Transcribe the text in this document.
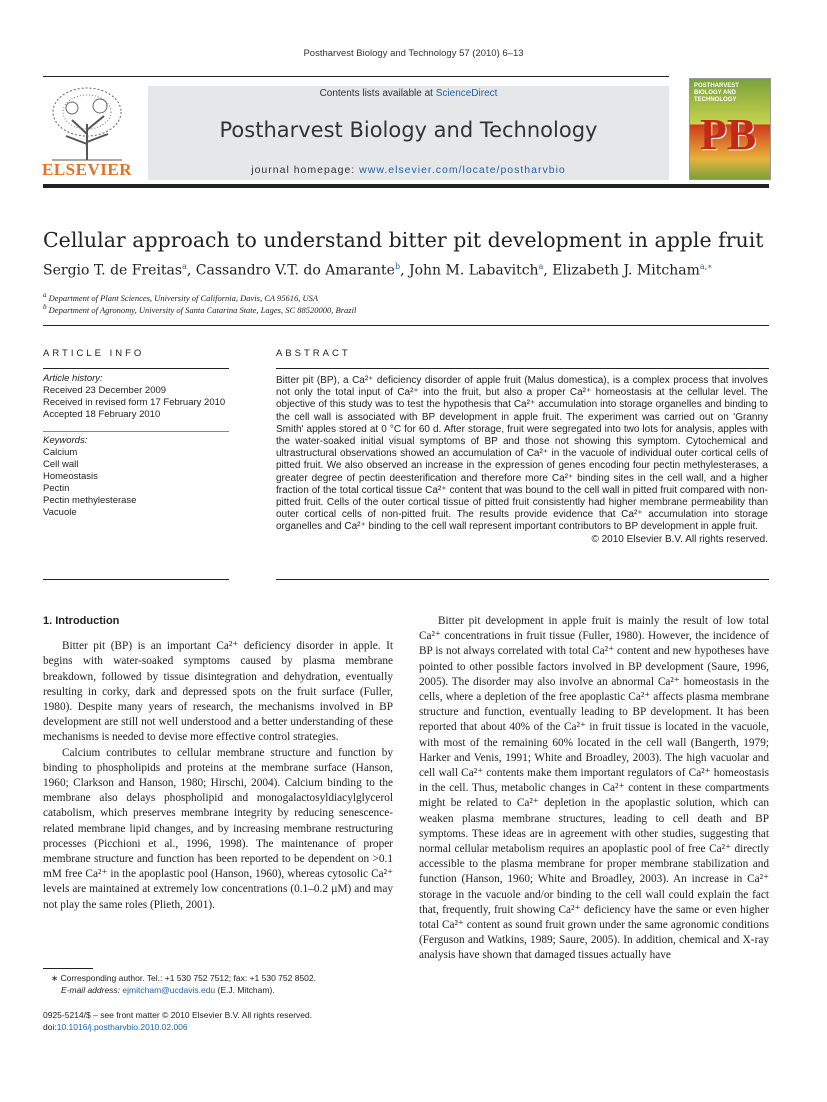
Postharvest Biology and Technology 57 (2010) 6–13
ELSEVIER
Contents lists available at ScienceDirect
Postharvest Biology and Technology
journal homepage: www.elsevier.com/locate/postharvbio
POSTHARVEST BIOLOGY AND TECHNOLOGY
PB
Cellular approach to understand bitter pit development in apple fruit
Sergio T. de Freitas$^a$, Cassandro V.T. do Amarante$^b$, John M. Labavitch$^a$, Elizabeth J. Mitcham$^{a,∗}$
$^a$ Department of Plant Sciences, University of California, Davis, CA 95616, USA
$^b$ Department of Agronomy, University of Santa Catarina State, Lages, SC 88520000, Brazil
ARTICLE INFO
Article history:
Received 23 December 2009
Received in revised form 17 February 2010
Accepted 18 February 2010
Keywords:
Calcium
Cell wall
Homeostasis
Pectin
Pectin methylesterase
Vacuole
ABSTRACT
Bitter pit (BP), a Ca²⁺ deficiency disorder of apple fruit (Malus domestica), is a complex process that involves not only the total input of Ca²⁺ into the fruit, but also a proper Ca²⁺ homeostasis at the cellular level. The objective of this study was to test the hypothesis that Ca²⁺ accumulation into storage organelles and binding to the cell wall is associated with BP development in apple fruit. The experiment was carried out on 'Granny Smith' apples stored at 0 °C for 60 d. After storage, fruit were segregated into two lots for analysis, apples with the water-soaked initial visual symptoms of BP and those not showing this symptom. Cytochemical and ultrastructural observations showed an accumulation of Ca²⁺ in the vacuole of individual outer cortical cells of pitted fruit. We also observed an increase in the expression of genes encoding four pectin methylesterases, a greater degree of pectin deesterification and therefore more Ca²⁺ binding sites in the cell wall, and a higher fraction of the total cortical tissue Ca²⁺ content that was bound to the cell wall in pitted fruit compared with non-pitted fruit. Cells of the outer cortical tissue of pitted fruit consistently had higher membrane permeability than outer cortical cells of non-pitted fruit. The results provide evidence that Ca²⁺ accumulation into storage organelles and Ca²⁺ binding to the cell wall represent important contributors to BP development in apple fruit.
© 2010 Elsevier B.V. All rights reserved.
1. Introduction

Bitter pit (BP) is an important Ca²⁺ deficiency disorder in apple. It begins with water-soaked symptoms caused by plasma membrane breakdown, followed by tissue disintegration and dehydration, eventually resulting in corky, dark and depressed spots on the fruit surface (Fuller, 1980). Despite many years of research, the mechanisms involved in BP development are still not well understood and a better understanding of these mechanisms is needed to devise more effective control strategies.

Calcium contributes to cellular membrane structure and function by binding to phospholipids and proteins at the membrane surface (Hanson, 1960; Clarkson and Hanson, 1980; Hirschi, 2004). Calcium binding to the membrane also delays phospholipid and monogalactosyldiacylglycerol catabolism, which preserves membrane integrity by reducing senescence-related membrane lipid changes, and by increasing membrane restructuring processes (Picchioni et al., 1996, 1998). The maintenance of proper membrane structure and function has been reported to be dependent on >0.1 mM free Ca²⁺ in the apoplastic pool (Hanson, 1960), whereas cytosolic Ca²⁺ levels are maintained at extremely low concentrations (0.1–0.2 µM) and may not play the same roles (Plieth, 2001).

Bitter pit development in apple fruit is mainly the result of low total Ca²⁺ concentrations in fruit tissue (Fuller, 1980). However, the incidence of BP is not always correlated with total Ca²⁺ content and new hypotheses have pointed to other possible factors involved in BP development (Saure, 1996, 2005). The disorder may also involve an abnormal Ca²⁺ homeostasis in the cells, where a depletion of the free apoplastic Ca²⁺ affects plasma membrane structure and function, eventually leading to BP development. It has been reported that about 40% of the Ca²⁺ in fruit tissue is located in the vacuole, with most of the remaining 60% located in the cell wall (Bangerth, 1979; Harker and Venis, 1991; White and Broadley, 2003). The high vacuolar and cell wall Ca²⁺ contents make them important regulators of Ca²⁺ homeostasis in the cell. Thus, metabolic changes in Ca²⁺ content in these compartments might be related to Ca²⁺ depletion in the apoplastic solution, which can weaken plasma membrane structures, leading to cell death and BP symptoms. These ideas are in agreement with other studies, suggesting that normal cellular metabolism requires an apoplastic pool of free Ca²⁺ directly accessible to the plasma membrane for proper membrane stabilization and function (Hanson, 1960; White and Broadley, 2003). An increase in Ca²⁺ storage in the vacuole and/or binding to the cell wall could explain the fact that, frequently, fruit showing Ca²⁺ deficiency have the same or even higher total Ca²⁺ content as sound fruit grown under the same agronomic conditions (Ferguson and Watkins, 1989; Saure, 2005). In addition, chemical and X-ray analysis have shown that damaged tissues actually have

∗ Corresponding author. Tel.: +1 530 752 7512; fax: +1 530 752 8502.
E-mail address: ejmitcham@ucdavis.edu (E.J. Mitcham).
0925-5214/$ – see front matter © 2010 Elsevier B.V. All rights reserved.
doi:10.1016/j.postharvbio.2010.02.006
